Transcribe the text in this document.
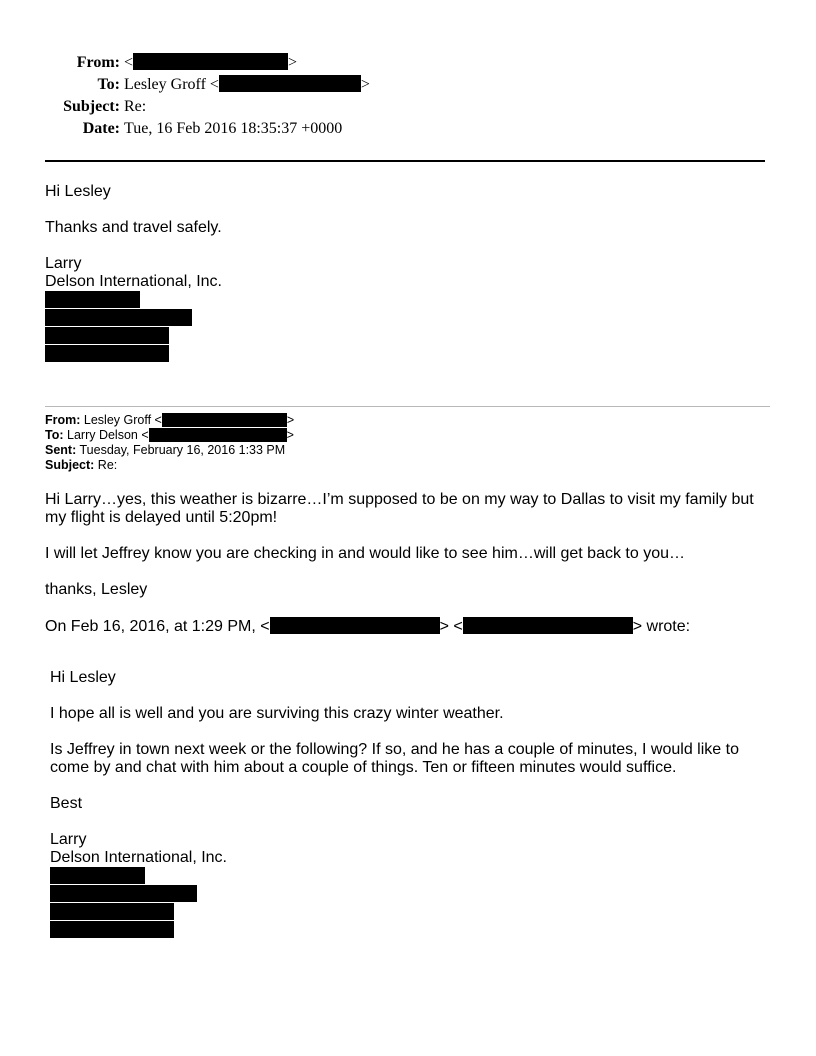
From: <	>
To: Lesley Groff <	>
Subject: Re:
Date: Tue, 16 Feb 2016 18:35:37 +0000
Hi Lesley
Thanks and travel safely.
Larry
Delson International, Inc.
From: Lesley Groff <	>
To: Larry Delson <	>
Sent: Tuesday, February 16, 2016 1:33 PM
Subject: Re:
Hi Larry…yes, this weather is bizarre…I’m supposed to be on my way to Dallas to visit my family but
my flight is delayed until 5:20pm!
I will let Jeffrey know you are checking in and would like to see him…will get back to you…
thanks, Lesley
On Feb 16, 2016, at 1:29 PM, <	> <	> wrote:
Hi Lesley
I hope all is well and you are surviving this crazy winter weather.
Is Jeffrey in town next week or the following? If so, and he has a couple of minutes, I would like to
come by and chat with him about a couple of things. Ten or fifteen minutes would suffice.
Best
Larry
Delson International, Inc.
